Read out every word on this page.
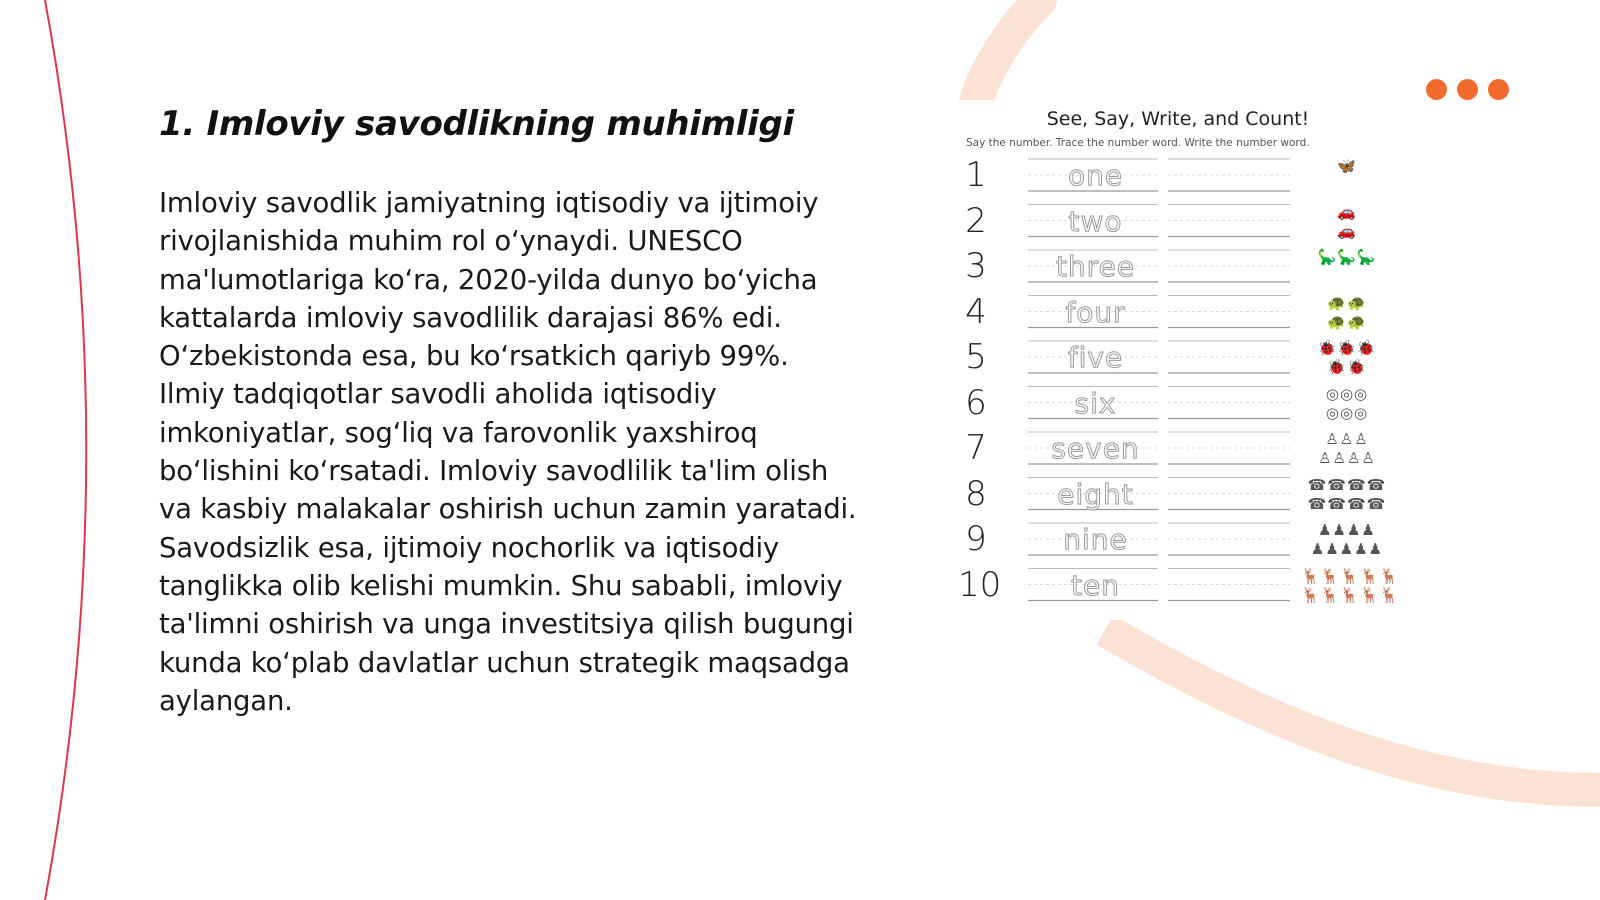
1. Imloviy savodlikning muhimligi

Imloviy savodlik jamiyatning iqtisodiy va ijtimoiy rivojlanishida muhim rol o‘ynaydi. UNESCO ma'lumotlariga ko‘ra, 2020-yilda dunyo bo‘yicha kattalarda imloviy savodlilik darajasi 86% edi. O‘zbekistonda esa, bu ko‘rsatkich qariyb 99%. Ilmiy tadqiqotlar savodli aholida iqtisodiy imkoniyatlar, sog‘liq va farovonlik yaxshiroq bo‘lishini ko‘rsatadi. Imloviy savodlilik ta'lim olish va kasbiy malakalar oshirish uchun zamin yaratadi. Savodsizlik esa, ijtimoiy nochorlik va iqtisodiy tanglikka olib kelishi mumkin. Shu sababli, imloviy ta'limni oshirish va unga investitsiya qilish bugungi kunda ko‘plab davlatlar uchun strategik maqsadga aylangan.

See, Say, Write, and Count!
Say the number. Trace the number word. Write the number word.
1	one	🦋
2	two	🚗
🚗
3	three	🦕🦕🦕
4	four	🐢🐢
🐢🐢
5	five	🐞🐞🐞
🐞🐞
6	six	◎◎◎
◎◎◎
7	seven	♙♙♙
♙♙♙♙
8	eight	☎☎☎☎
☎☎☎☎
9	nine	♟♟♟♟
♟♟♟♟♟
10	ten	🦌🦌🦌🦌🦌
🦌🦌🦌🦌🦌
